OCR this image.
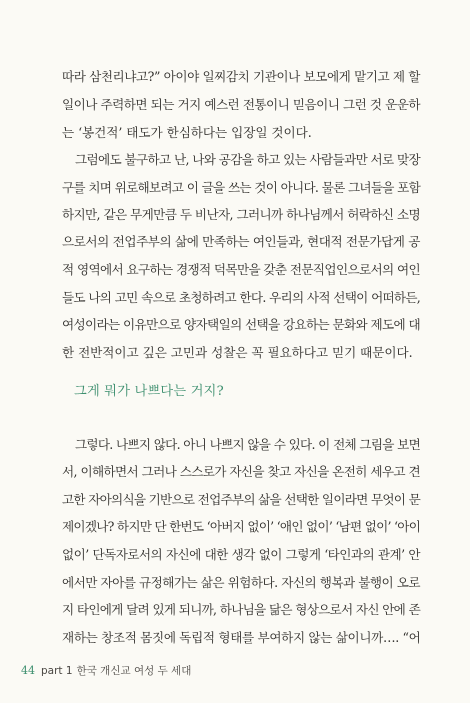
따라 삼천리냐고?” 아이야 일찌감치 기관이나 보모에게 맡기고 제 할
일이나 주력하면 되는 거지 예스런 전통이니 믿음이니 그런 것 운운하
는 ‘봉건적’ 태도가 한심하다는 입장일 것이다.
그럼에도 불구하고 난, 나와 공감을 하고 있는 사람들과만 서로 맞장
구를 치며 위로해보려고 이 글을 쓰는 것이 아니다. 물론 그녀들을 포함
하지만, 같은 무게만큼 두 비난자, 그러니까 하나님께서 허락하신 소명
으로서의 전업주부의 삶에 만족하는 여인들과, 현대적 전문가답게 공
적 영역에서 요구하는 경쟁적 덕목만을 갖춘 전문직업인으로서의 여인
들도 나의 고민 속으로 초청하려고 한다. 우리의 사적 선택이 어떠하든,
여성이라는 이유만으로 양자택일의 선택을 강요하는 문화와 제도에 대
한 전반적이고 깊은 고민과 성찰은 꼭 필요하다고 믿기 때문이다.
그게 뭐가 나쁘다는 거지?
그렇다. 나쁘지 않다. 아니 나쁘지 않을 수 있다. 이 전체 그림을 보면
서, 이해하면서 그러나 스스로가 자신을 찾고 자신을 온전히 세우고 견
고한 자아의식을 기반으로 전업주부의 삶을 선택한 일이라면 무엇이 문
제이겠나? 하지만 단 한번도 ‘아버지 없이’ ‘애인 없이’ ‘남편 없이’ ‘아이
없이’ 단독자로서의 자신에 대한 생각 없이 그렇게 ‘타인과의 관계’ 안
에서만 자아를 규정해가는 삶은 위험하다. 자신의 행복과 불행이 오로
지 타인에게 달려 있게 되니까, 하나님을 닮은 형상으로서 자신 안에 존
재하는 창조적 몸짓에 독립적 형태를 부여하지 않는 삶이니까…. “어
44 part 1 한국 개신교 여성 두 세대
